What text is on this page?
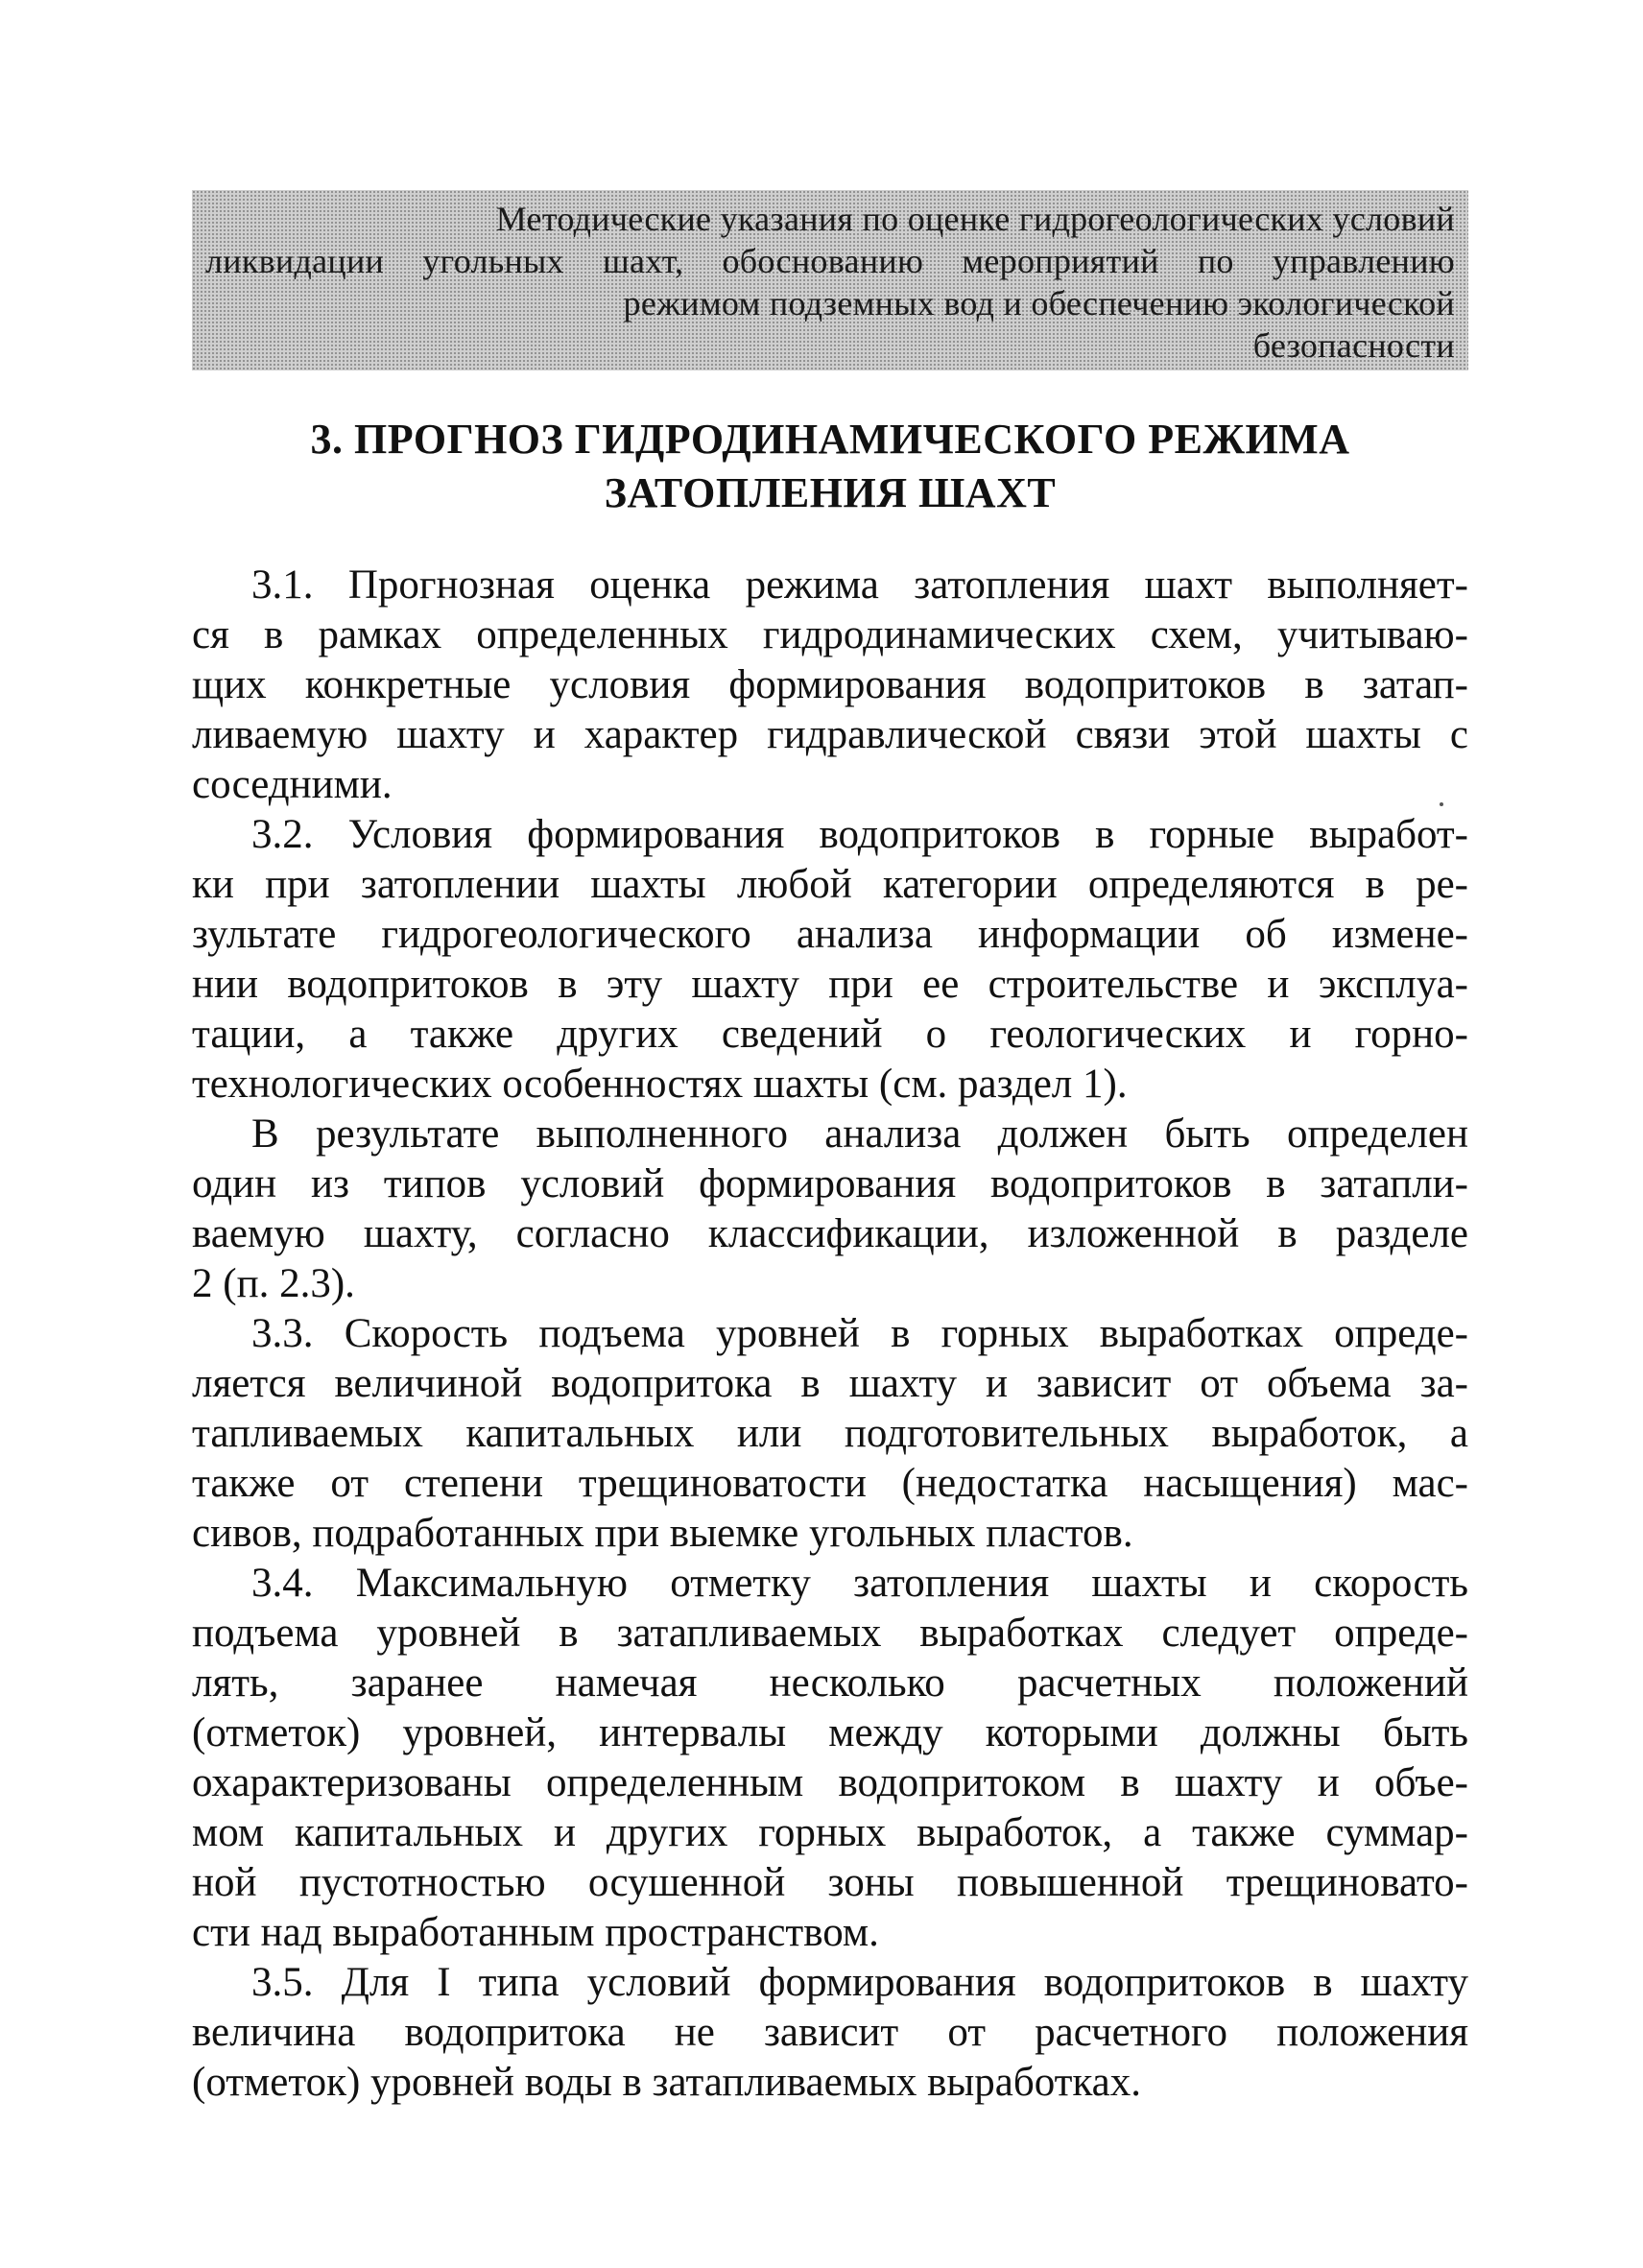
Методические указания по оценке гидрогеологических условий
ликвидации угольных шахт, обоснованию мероприятий по управлению
режимом подземных вод и обеспечению экологической
безопасности
3. ПРОГНОЗ ГИДРОДИНАМИЧЕСКОГО РЕЖИМА
ЗАТОПЛЕНИЯ ШАХТ

3.1. Прогнозная оценка режима затопления шахт выполняет-
ся в рамках определенных гидродинамических схем, учитываю-
щих конкретные условия формирования водопритоков в затап-
ливаемую шахту и характер гидравлической связи этой шахты с
соседними.

3.2. Условия формирования водопритоков в горные выработ-
ки при затоплении шахты любой категории определяются в ре-
зультате гидрогеологического анализа информации об измене-
нии водопритоков в эту шахту при ее строительстве и эксплуа-
тации, а также других сведений о геологических и горно-
технологических особенностях шахты (см. раздел 1).

В результате выполненного анализа должен быть определен
один из типов условий формирования водопритоков в затапли-
ваемую шахту, согласно классификации, изложенной в разделе
2 (п. 2.3).

3.3. Скорость подъема уровней в горных выработках опреде-
ляется величиной водопритока в шахту и зависит от объема за-
тапливаемых капитальных или подготовительных выработок, а
также от степени трещиноватости (недостатка насыщения) мас-
сивов, подработанных при выемке угольных пластов.

3.4. Максимальную отметку затопления шахты и скорость
подъема уровней в затапливаемых выработках следует опреде-
лять, заранее намечая несколько расчетных положений
(отметок) уровней, интервалы между которыми должны быть
охарактеризованы определенным водопритоком в шахту и объе-
мом капитальных и других горных выработок, а также суммар-
ной пустотностью осушенной зоны повышенной трещиновато-
сти над выработанным пространством.

3.5. Для I типа условий формирования водопритоков в шахту
величина водопритока не зависит от расчетного положения
(отметок) уровней воды в затапливаемых выработках.
